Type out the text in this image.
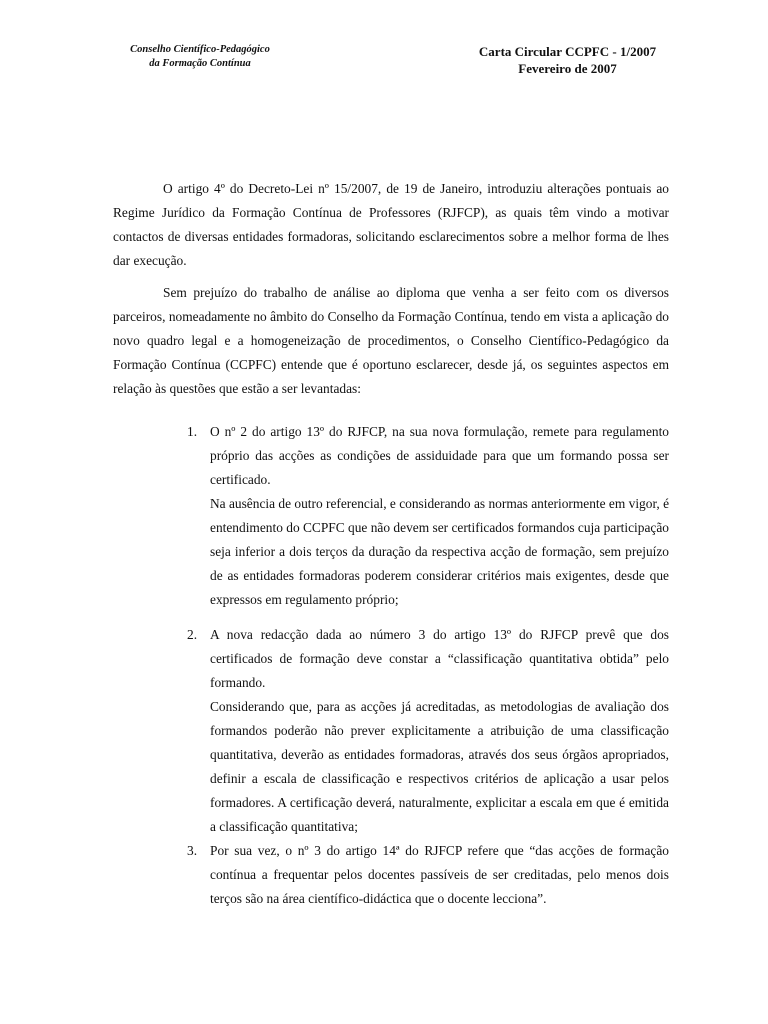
Conselho Científico-Pedagógico
da Formação Contínua
Carta Circular CCPFC - 1/2007
Fevereiro de 2007

O artigo 4º do Decreto-Lei nº 15/2007, de 19 de Janeiro, introduziu alterações pontuais ao Regime Jurídico da Formação Contínua de Professores (RJFCP), as quais têm vindo a motivar contactos de diversas entidades formadoras, solicitando esclarecimentos sobre a melhor forma de lhes dar execução.

Sem prejuízo do trabalho de análise ao diploma que venha a ser feito com os diversos parceiros, nomeadamente no âmbito do Conselho da Formação Contínua, tendo em vista a aplicação do novo quadro legal e a homogeneização de procedimentos, o Conselho Científico-Pedagógico da Formação Contínua (CCPFC) entende que é oportuno esclarecer, desde já, os seguintes aspectos em relação às questões que estão a ser levantadas:

1. O nº 2 do artigo 13º do RJFCP, na sua nova formulação, remete para regulamento próprio das acções as condições de assiduidade para que um formando possa ser certificado.
Na ausência de outro referencial, e considerando as normas anteriormente em vigor, é entendimento do CCPFC que não devem ser certificados formandos cuja participação seja inferior a dois terços da duração da respectiva acção de formação, sem prejuízo de as entidades formadoras poderem considerar critérios mais exigentes, desde que expressos em regulamento próprio;
2. A nova redacção dada ao número 3 do artigo 13º do RJFCP prevê que dos certificados de formação deve constar a “classificação quantitativa obtida” pelo formando.
Considerando que, para as acções já acreditadas, as metodologias de avaliação dos formandos poderão não prever explicitamente a atribuição de uma classificação quantitativa, deverão as entidades formadoras, através dos seus órgãos apropriados, definir a escala de classificação e respectivos critérios de aplicação a usar pelos formadores. A certificação deverá, naturalmente, explicitar a escala em que é emitida a classificação quantitativa;
3. Por sua vez, o nº 3 do artigo 14ª do RJFCP refere que “das acções de formação contínua a frequentar pelos docentes passíveis de ser creditadas, pelo menos dois terços são na área científico-didáctica que o docente lecciona”.
